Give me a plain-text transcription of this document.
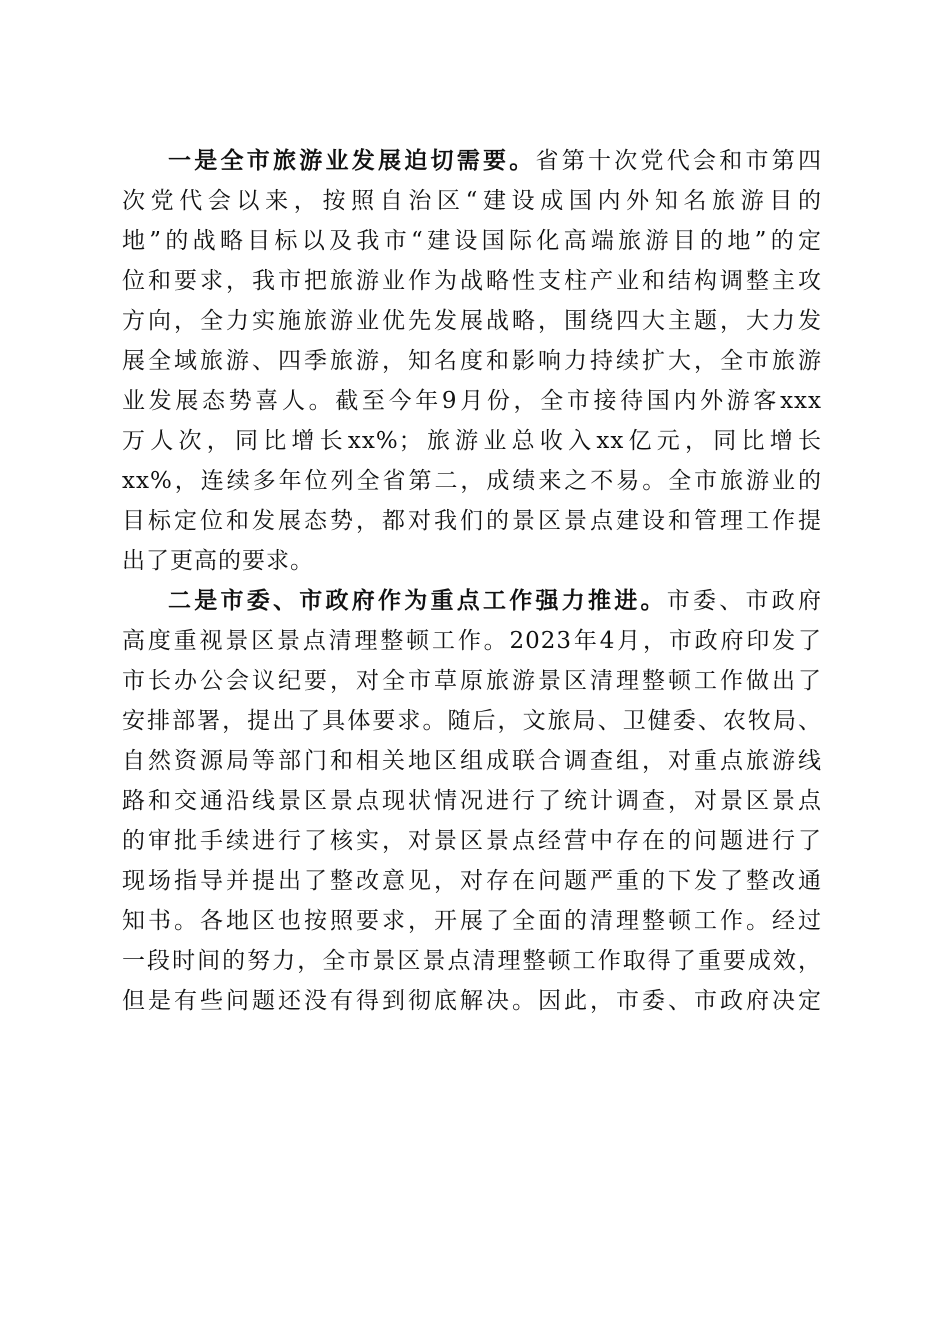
一是全市旅游业发展迫切需要。省第十次党代会和市第四
次党代会以来，按照自治区“建设成国内外知名旅游目的
地”的战略目标以及我市“建设国际化高端旅游目的地”的定
位和要求，我市把旅游业作为战略性支柱产业和结构调整主攻
方向，全力实施旅游业优先发展战略，围绕四大主题，大力发
展全域旅游、四季旅游，知名度和影响力持续扩大，全市旅游
业发展态势喜人。截至今年9月份，全市接待国内外游客xxx
万人次，同比增长xx%；旅游业总收入xx亿元，同比增长
xx%，连续多年位列全省第二，成绩来之不易。全市旅游业的
目标定位和发展态势，都对我们的景区景点建设和管理工作提
出了更高的要求。
二是市委、市政府作为重点工作强力推进。市委、市政府
高度重视景区景点清理整顿工作。2023年4月，市政府印发了
市长办公会议纪要，对全市草原旅游景区清理整顿工作做出了
安排部署，提出了具体要求。随后，文旅局、卫健委、农牧局、
自然资源局等部门和相关地区组成联合调查组，对重点旅游线
路和交通沿线景区景点现状情况进行了统计调查，对景区景点
的审批手续进行了核实，对景区景点经营中存在的问题进行了
现场指导并提出了整改意见，对存在问题严重的下发了整改通
知书。各地区也按照要求，开展了全面的清理整顿工作。经过
一段时间的努力，全市景区景点清理整顿工作取得了重要成效，
但是有些问题还没有得到彻底解决。因此，市委、市政府决定
